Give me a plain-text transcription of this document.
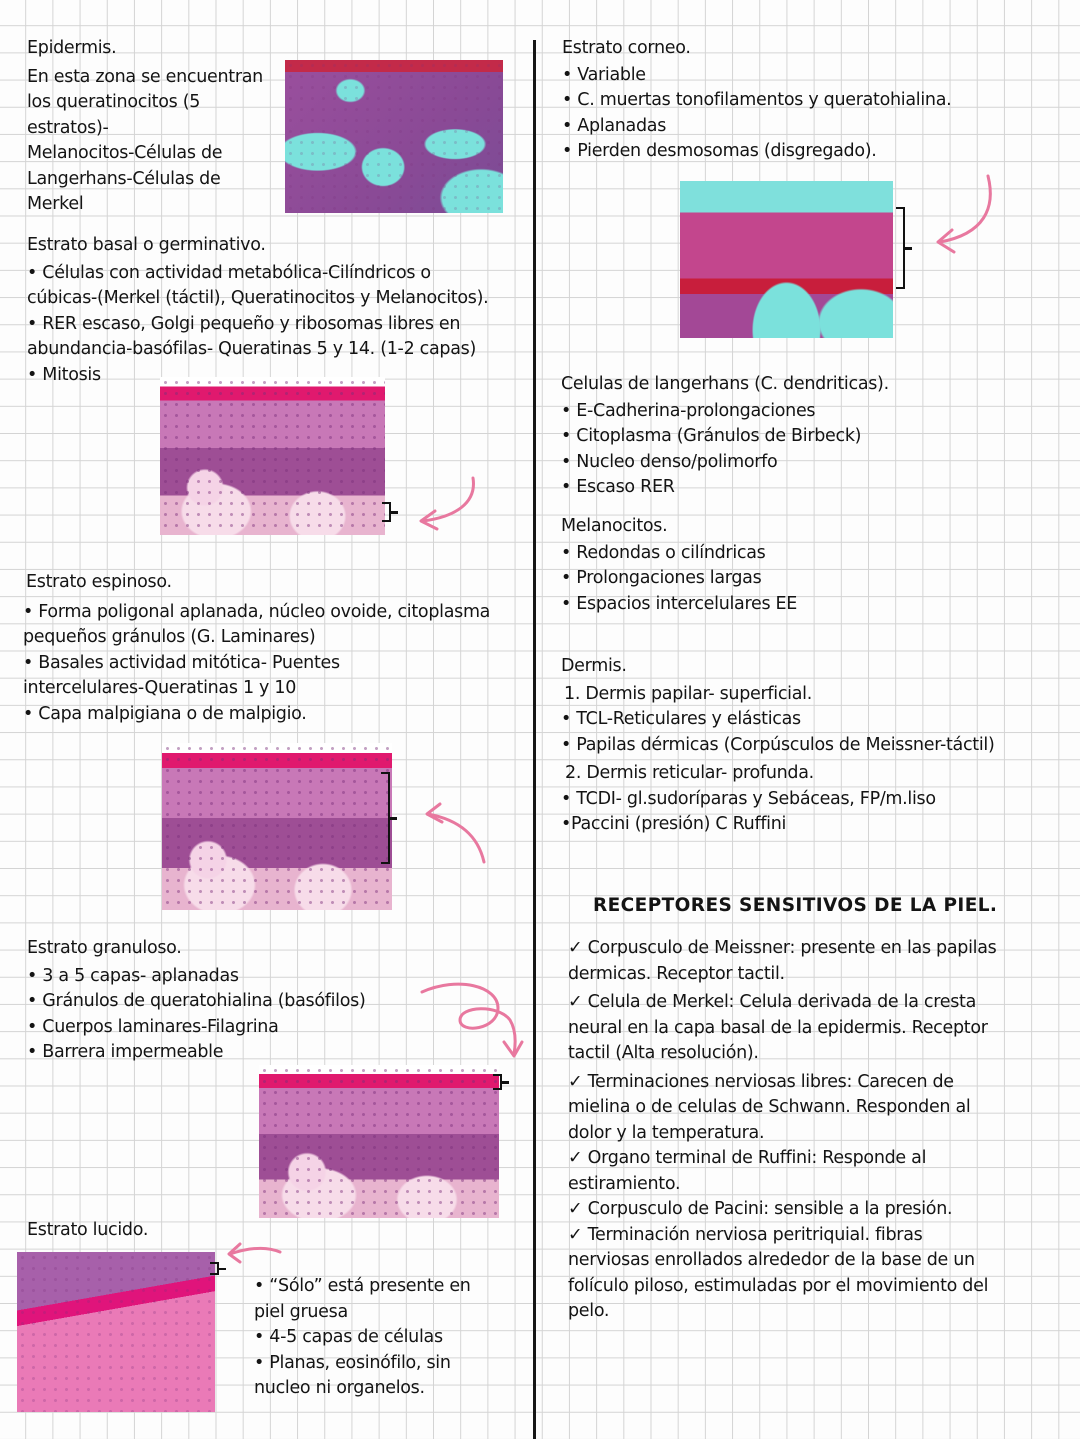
Epidermis.
En esta zona se encuentran
los queratinocitos (5
estratos)-
Melanocitos-Células de
Langerhans-Células de
Merkel
Estrato basal o germinativo.
• Células con actividad metabólica-Cilíndricos o
cúbicas-(Merkel (táctil), Queratinocitos y Melanocitos).
• RER escaso, Golgi pequeño y ribosomas libres en
abundancia-basófilas- Queratinas 5 y 14. (1-2 capas)
• Mitosis
Estrato espinoso.
• Forma poligonal aplanada, núcleo ovoide, citoplasma
pequeños gránulos (G. Laminares)
• Basales actividad mitótica- Puentes
intercelulares-Queratinas 1 y 10
• Capa malpigiana o de malpigio.
Estrato granuloso.
• 3 a 5 capas- aplanadas
• Gránulos de queratohialina (basófilos)
• Cuerpos laminares-Filagrina
• Barrera impermeable
Estrato lucido.
• “Sólo” está presente en
piel gruesa
• 4-5 capas de células
• Planas, eosinófilo, sin
nucleo ni organelos.
Estrato corneo.
• Variable
• C. muertas tonofilamentos y queratohialina.
• Aplanadas
• Pierden desmosomas (disgregado).
Celulas de langerhans (C. dendriticas).
• E-Cadherina-prolongaciones
• Citoplasma (Gránulos de Birbeck)
• Nucleo denso/polimorfo
• Escaso RER
Melanocitos.
• Redondas o cilíndricas
• Prolongaciones largas
• Espacios intercelulares EE
Dermis.
1. Dermis papilar- superficial.
• TCL-Reticulares y elásticas
• Papilas dérmicas (Corpúsculos de Meissner-táctil)
2. Dermis reticular- profunda.
• TCDI- gl.sudoríparas y Sebáceas, FP/m.liso
•Paccini (presión) C Ruffini
RECEPTORES SENSITIVOS DE LA PIEL.
✓ Corpusculo de Meissner: presente en las papilas
dermicas. Receptor tactil.
✓ Celula de Merkel: Celula derivada de la cresta
neural en la capa basal de la epidermis. Receptor
tactil (Alta resolución).
✓ Terminaciones nerviosas libres: Carecen de
mielina o de celulas de Schwann. Responden al
dolor y la temperatura.
✓ Organo terminal de Ruffini: Responde al
estiramiento.
✓ Corpusculo de Pacini: sensible a la presión.
✓ Terminación nerviosa peritriquial. fibras
nerviosas enrollados alrededor de la base de un
folículo piloso, estimuladas por el movimiento del
pelo.
